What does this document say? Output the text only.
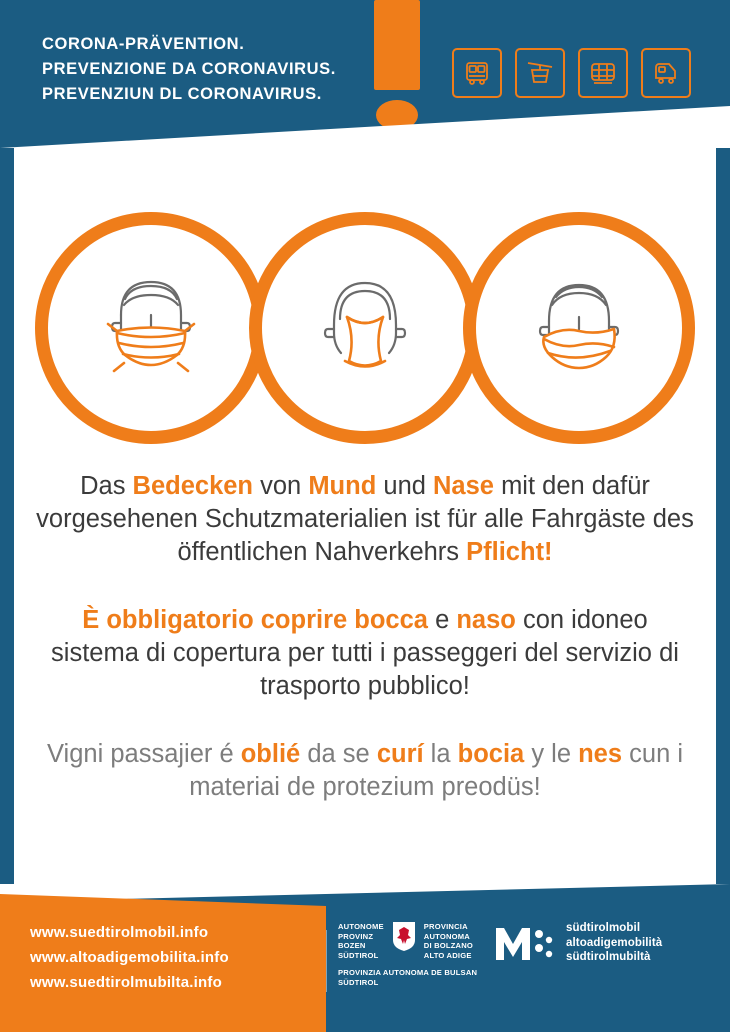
CORONA-PRÄVENTION.
PREVENZIONE DA CORONAVIRUS.
PREVENZIUN DL CORONAVIRUS.
Das Bedecken von Mund und Nase mit den dafür vorgesehenen Schutzmaterialien ist für alle Fahrgäste des öffentlichen Nahverkehrs Pflicht!
È obbligatorio coprire bocca e naso con idoneo sistema di copertura per tutti i passeggeri del servizio di trasporto pubblico!
Vigni passajier é oblié da se curí la bocia y le nes cun i materiai de protezium preodüs!
www.suedtirolmobil.info
www.altoadigemobilita.info
www.suedtirolmubilta.info
AUTONOME
PROVINZ
BOZEN
SÜDTIROL
PROVINCIA
AUTONOMA
DI BOLZANO
ALTO ADIGE
PROVINZIA AUTONOMA DE BULSAN
SÜDTIROL
südtirolmobil
altoadigemobilità
südtirolmubiltà
